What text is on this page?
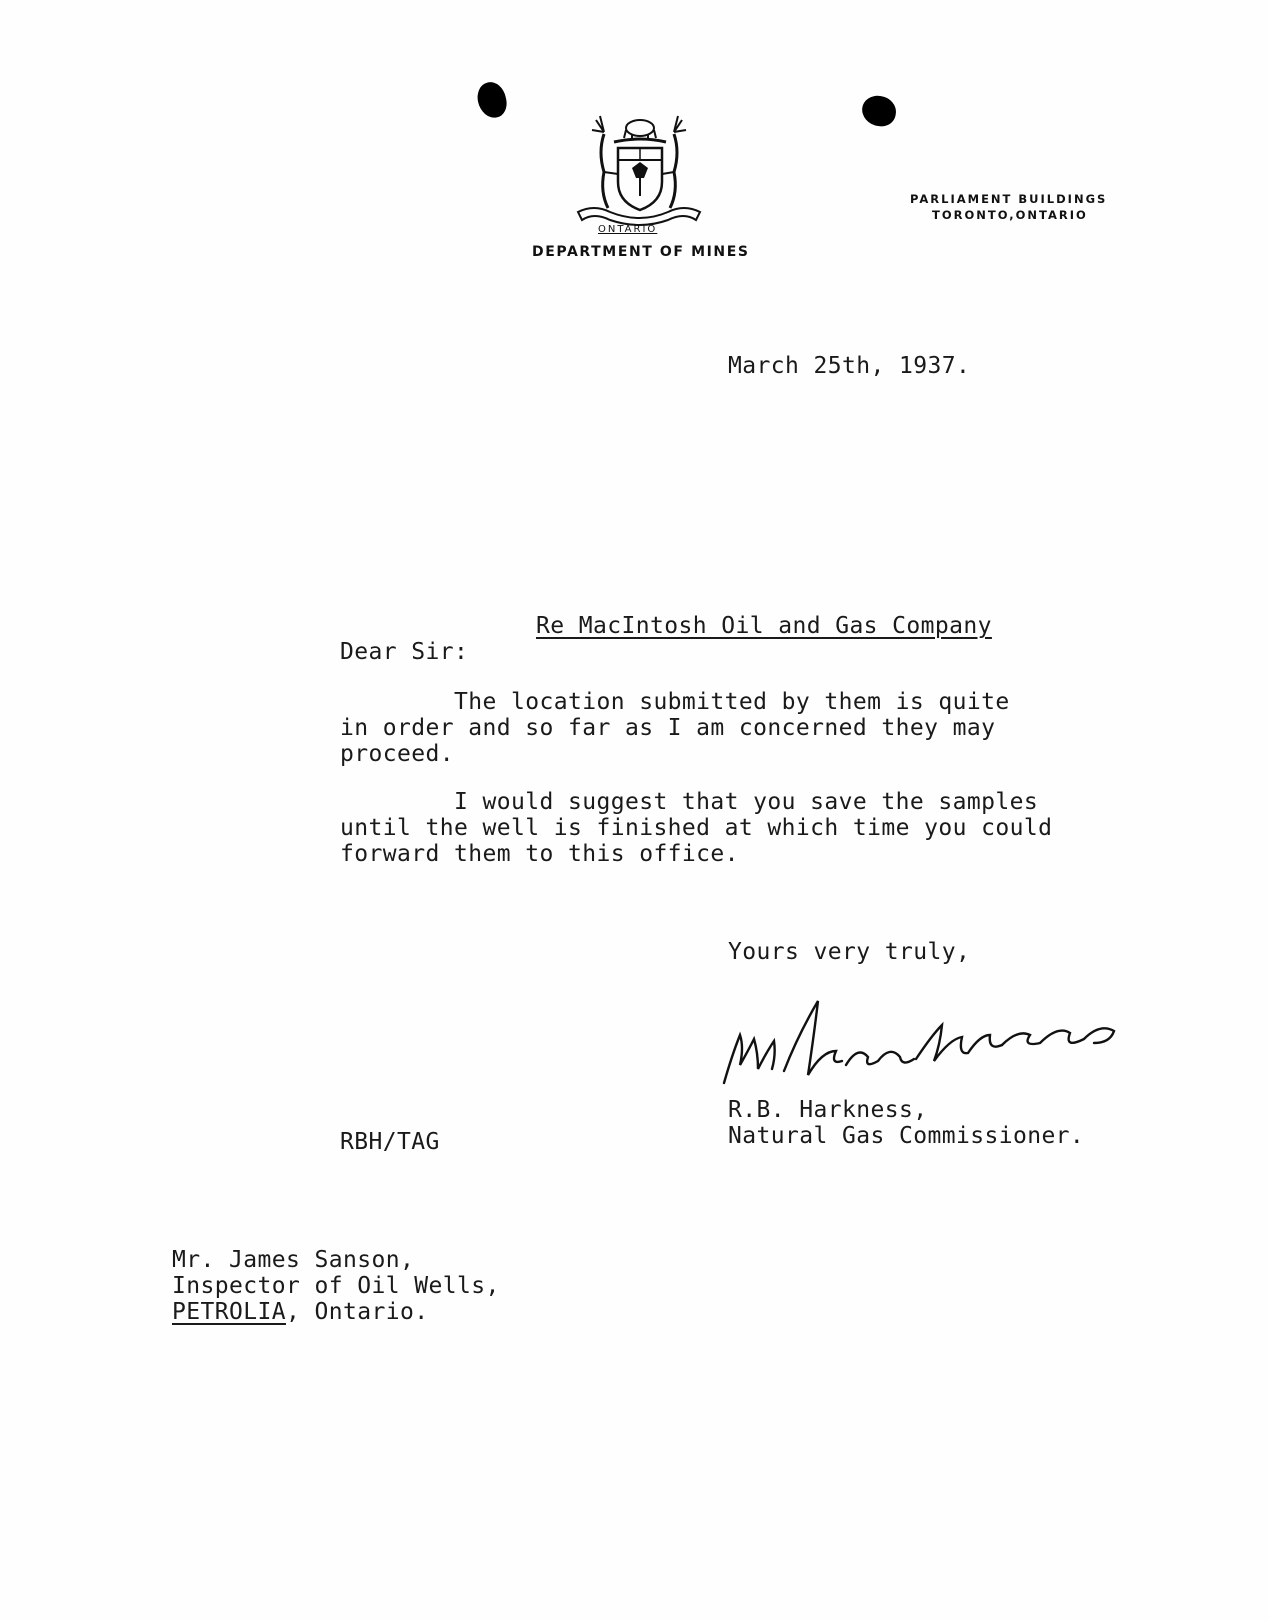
ONTARIO
DEPARTMENT OF MINES
PARLIAMENT BUILDINGS
TORONTO,ONTARIO
March 25th, 1937.
Re MacIntosh Oil and Gas Company
Dear Sir:
The location submitted by them is quite
in order and so far as I am concerned they may
proceed.
I would suggest that you save the samples
until the well is finished at which time you could
forward them to this office.
Yours very truly,
R.B. Harkness,
Natural Gas Commissioner.
RBH/TAG
Mr. James Sanson,
Inspector of Oil Wells,
PETROLIA, Ontario.
